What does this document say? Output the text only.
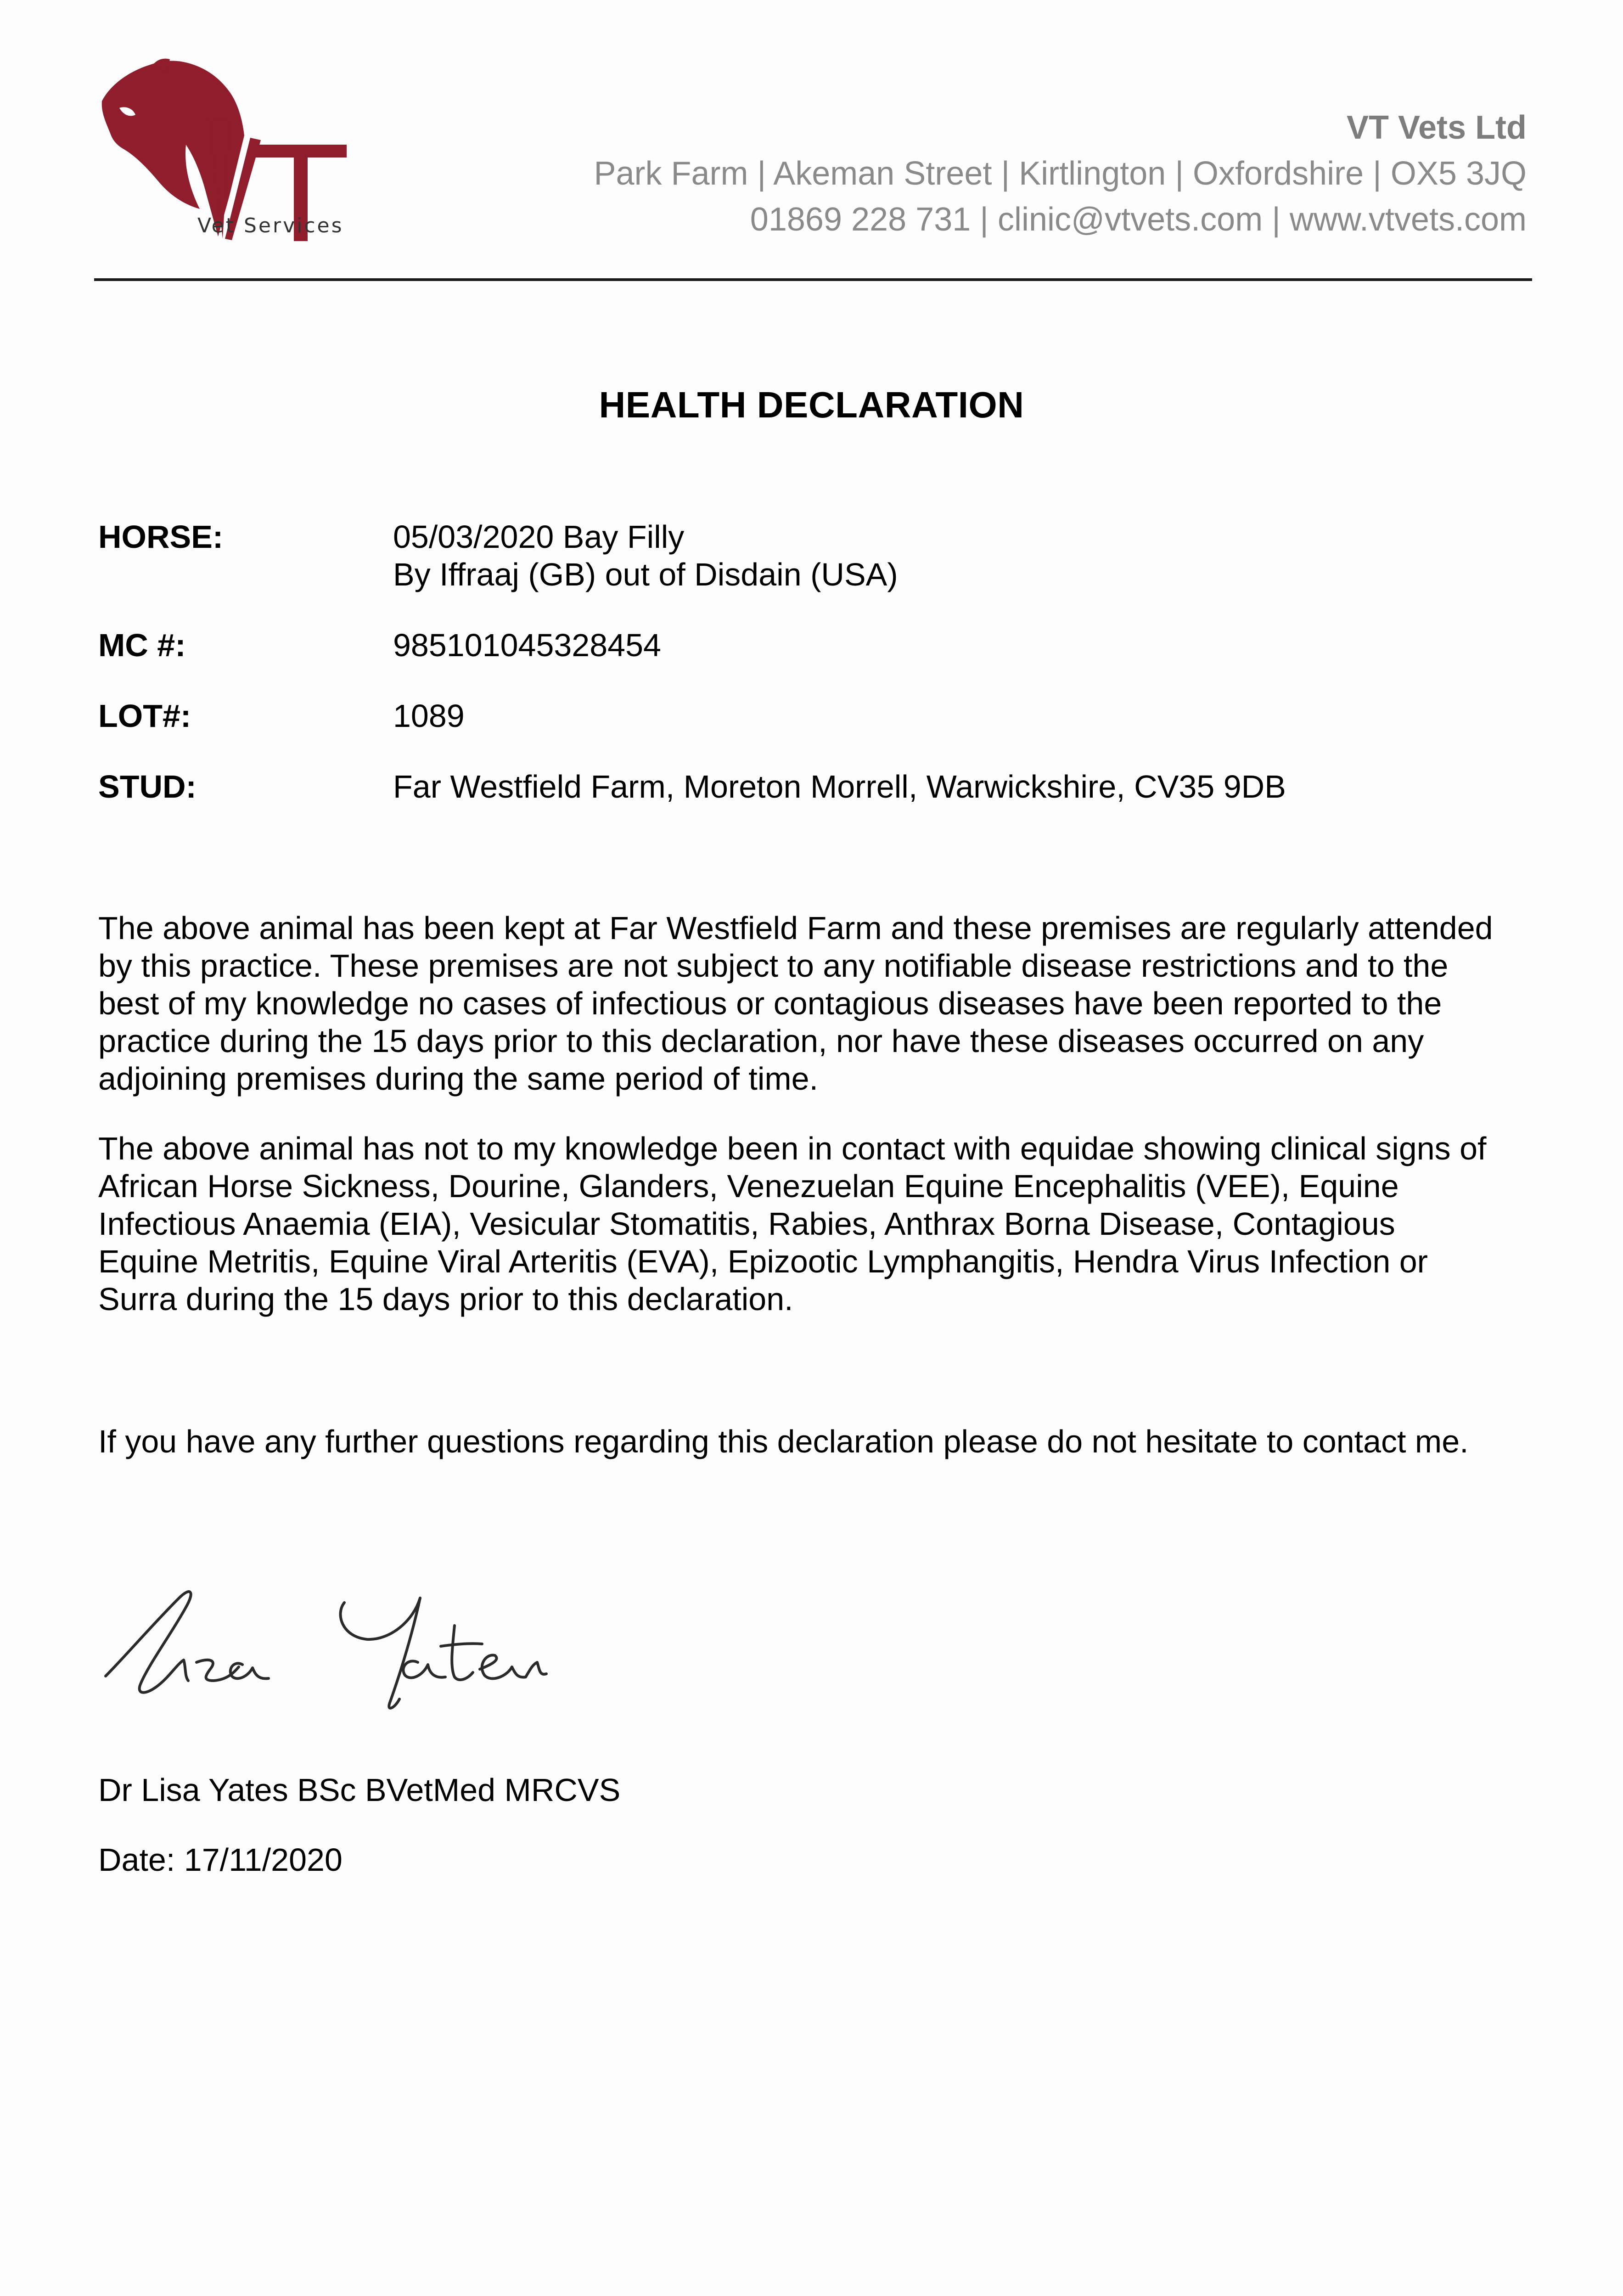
Vet Services
VT Vets Ltd
Park Farm | Akeman Street | Kirtlington | Oxfordshire | OX5 3JQ
01869 228 731 | clinic@vtvets.com | www.vtvets.com
HEALTH DECLARATION
HORSE:	05/03/2020 Bay Filly
By Iffraaj (GB) out of Disdain (USA)
MC #:	985101045328454
LOT#:	1089
STUD:	Far Westfield Farm, Moreton Morrell, Warwickshire, CV35 9DB
The above animal has been kept at Far Westfield Farm and these premises are regularly attended
by this practice. These premises are not subject to any notifiable disease restrictions and to the
best of my knowledge no cases of infectious or contagious diseases have been reported to the
practice during the 15 days prior to this declaration, nor have these diseases occurred on any
adjoining premises during the same period of time.
The above animal has not to my knowledge been in contact with equidae showing clinical signs of
African Horse Sickness, Dourine, Glanders, Venezuelan Equine Encephalitis (VEE), Equine
Infectious Anaemia (EIA), Vesicular Stomatitis, Rabies, Anthrax Borna Disease, Contagious
Equine Metritis, Equine Viral Arteritis (EVA), Epizootic Lymphangitis, Hendra Virus Infection or
Surra during the 15 days prior to this declaration.
If you have any further questions regarding this declaration please do not hesitate to contact me.
Dr Lisa Yates BSc BVetMed MRCVS
Date: 17/11/2020
